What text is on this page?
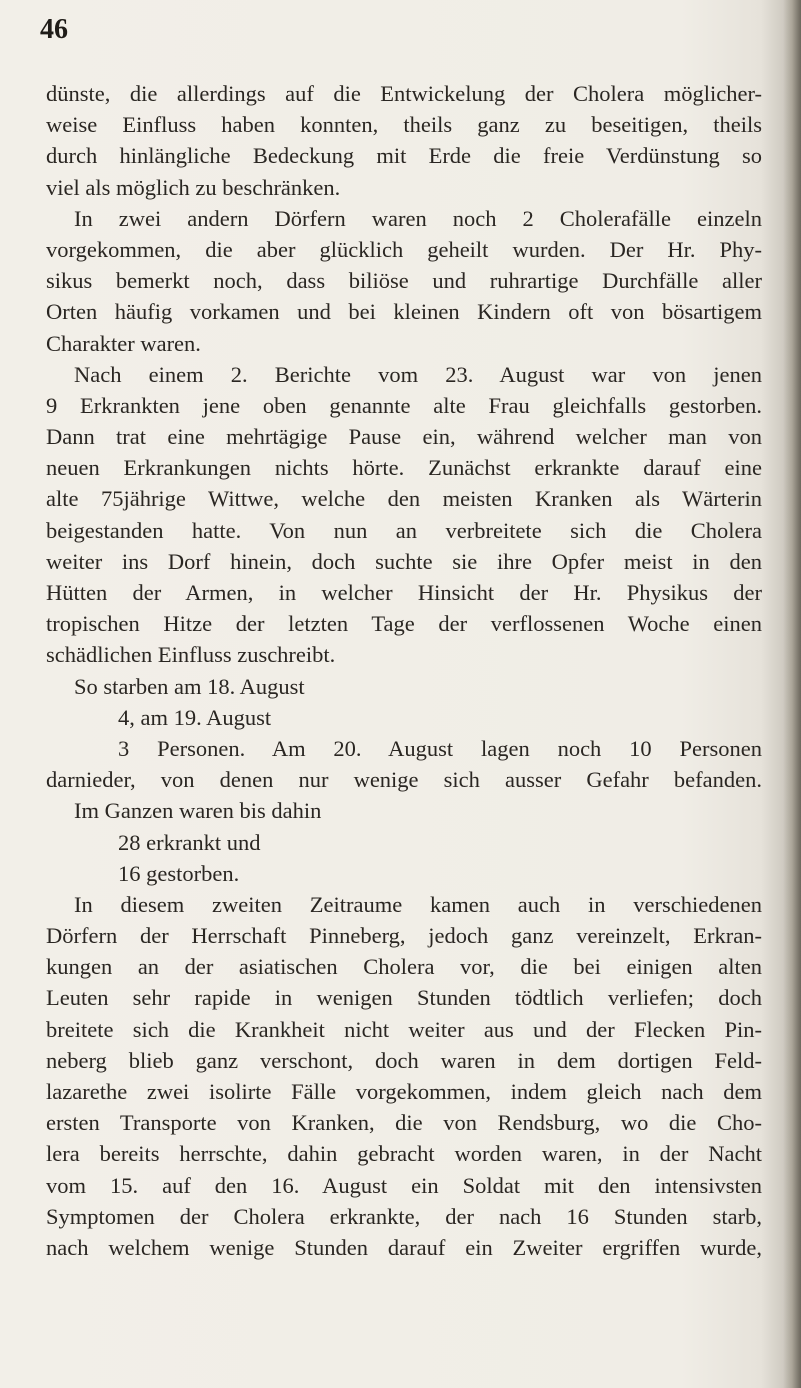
46
dünste, die allerdings auf die Entwickelung der Cholera möglicher-
weise Einfluss haben konnten, theils ganz zu beseitigen, theils
durch hinlängliche Bedeckung mit Erde die freie Verdünstung so
viel als möglich zu beschränken.
In zwei andern Dörfern waren noch 2 Cholerafälle einzeln
vorgekommen, die aber glücklich geheilt wurden. Der Hr. Phy-
sikus bemerkt noch, dass biliöse und ruhrartige Durchfälle aller
Orten häufig vorkamen und bei kleinen Kindern oft von bösartigem
Charakter waren.
Nach einem 2. Berichte vom 23. August war von jenen
9 Erkrankten jene oben genannte alte Frau gleichfalls gestorben.
Dann trat eine mehrtägige Pause ein, während welcher man von
neuen Erkrankungen nichts hörte. Zunächst erkrankte darauf eine
alte 75jährige Wittwe, welche den meisten Kranken als Wärterin
beigestanden hatte. Von nun an verbreitete sich die Cholera
weiter ins Dorf hinein, doch suchte sie ihre Opfer meist in den
Hütten der Armen, in welcher Hinsicht der Hr. Physikus der
tropischen Hitze der letzten Tage der verflossenen Woche einen
schädlichen Einfluss zuschreibt.
So starben am 18. August
4, am 19. August
3 Personen. Am 20. August lagen noch 10 Personen
darnieder, von denen nur wenige sich ausser Gefahr befanden.
Im Ganzen waren bis dahin
28 erkrankt und
16 gestorben.
In diesem zweiten Zeitraume kamen auch in verschiedenen
Dörfern der Herrschaft Pinneberg, jedoch ganz vereinzelt, Erkran-
kungen an der asiatischen Cholera vor, die bei einigen alten
Leuten sehr rapide in wenigen Stunden tödtlich verliefen; doch
breitete sich die Krankheit nicht weiter aus und der Flecken Pin-
neberg blieb ganz verschont, doch waren in dem dortigen Feld-
lazarethe zwei isolirte Fälle vorgekommen, indem gleich nach dem
ersten Transporte von Kranken, die von Rendsburg, wo die Cho-
lera bereits herrschte, dahin gebracht worden waren, in der Nacht
vom 15. auf den 16. August ein Soldat mit den intensivsten
Symptomen der Cholera erkrankte, der nach 16 Stunden starb,
nach welchem wenige Stunden darauf ein Zweiter ergriffen wurde,
